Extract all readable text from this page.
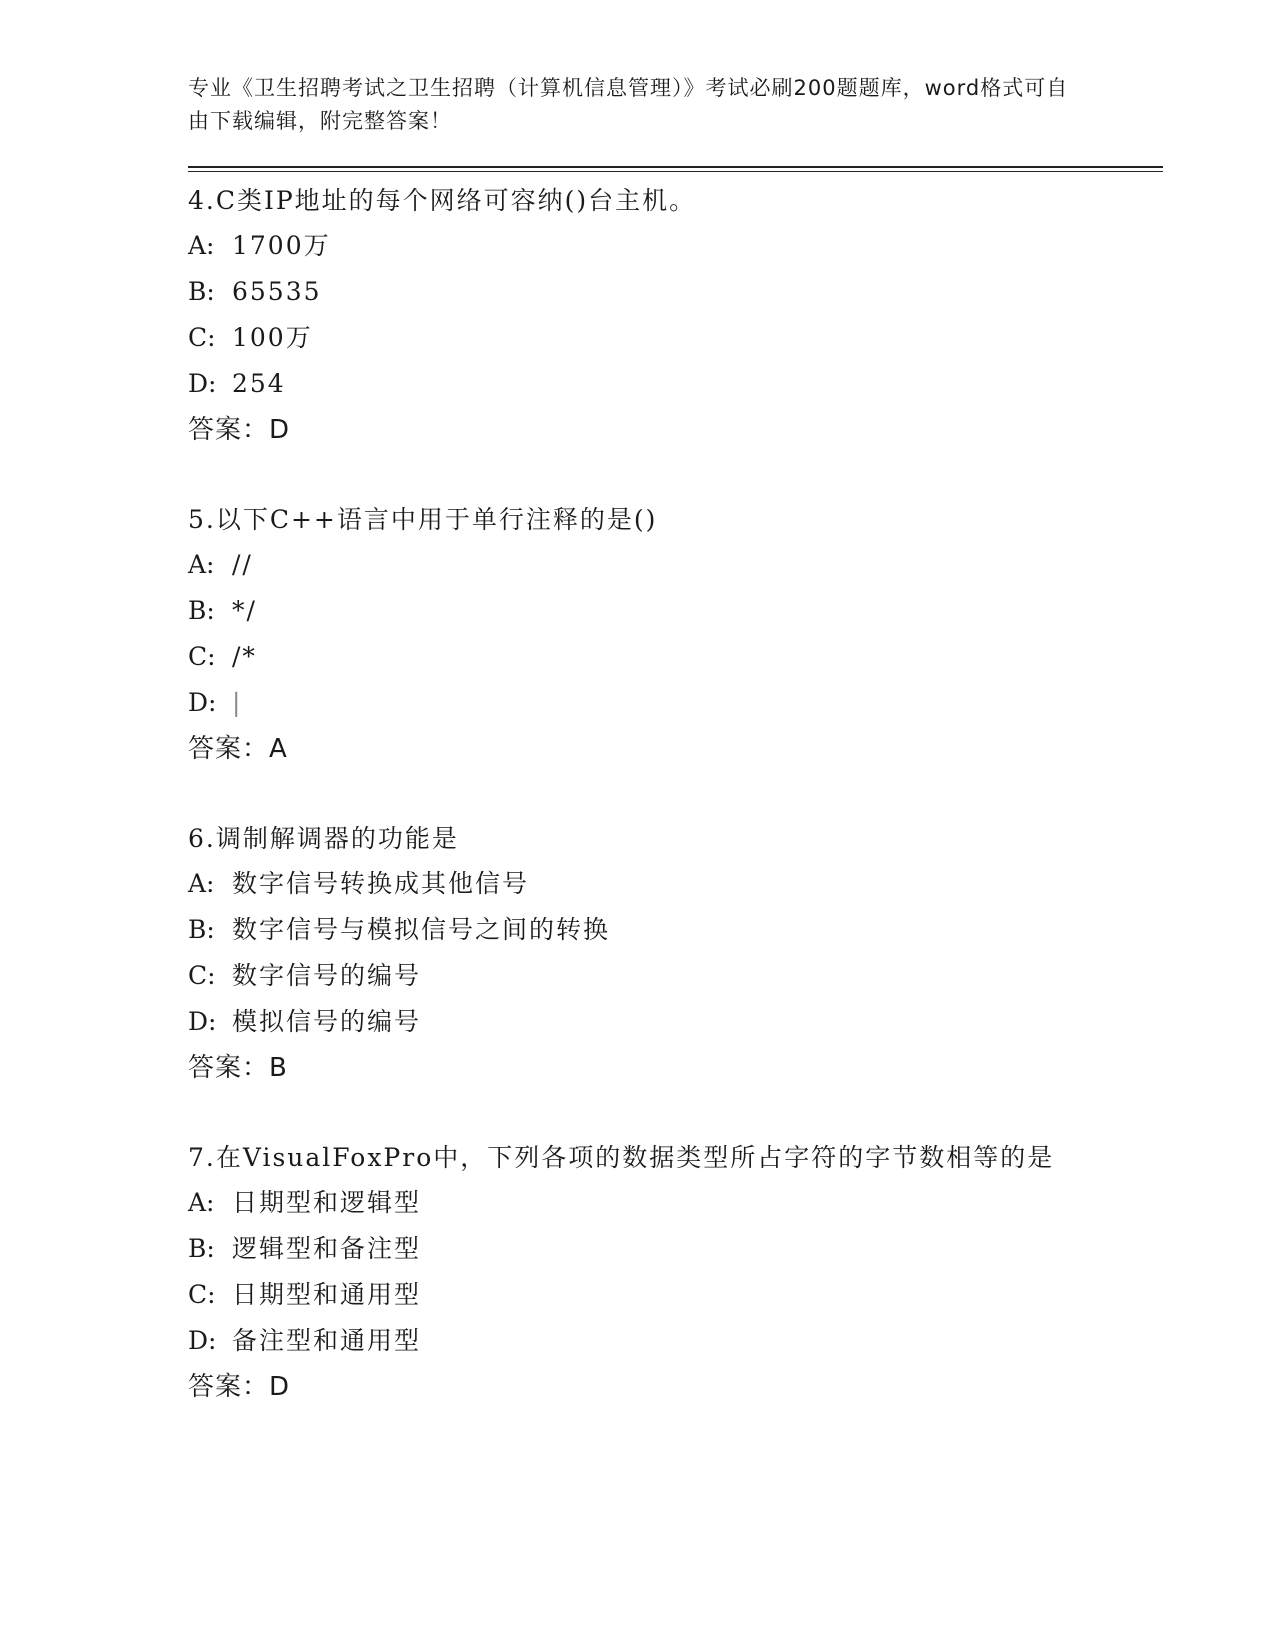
专业《卫生招聘考试之卫生招聘（计算机信息管理）》考试必刷200题题库，word格式可自由下载编辑，附完整答案！

4.C类IP地址的每个网络可容纳()台主机。

A: 1700万

B: 65535

C: 100万

D: 254

答案：D

5.以下C++语言中用于单行注释的是()

A: //

B: */

C: /*

D: |

答案：A

6.调制解调器的功能是

A: 数字信号转换成其他信号

B: 数字信号与模拟信号之间的转换

C: 数字信号的编号

D: 模拟信号的编号

答案：B

7.在VisualFoxPro中，下列各项的数据类型所占字符的字节数相等的是

A: 日期型和逻辑型

B: 逻辑型和备注型

C: 日期型和通用型

D: 备注型和通用型

答案：D
